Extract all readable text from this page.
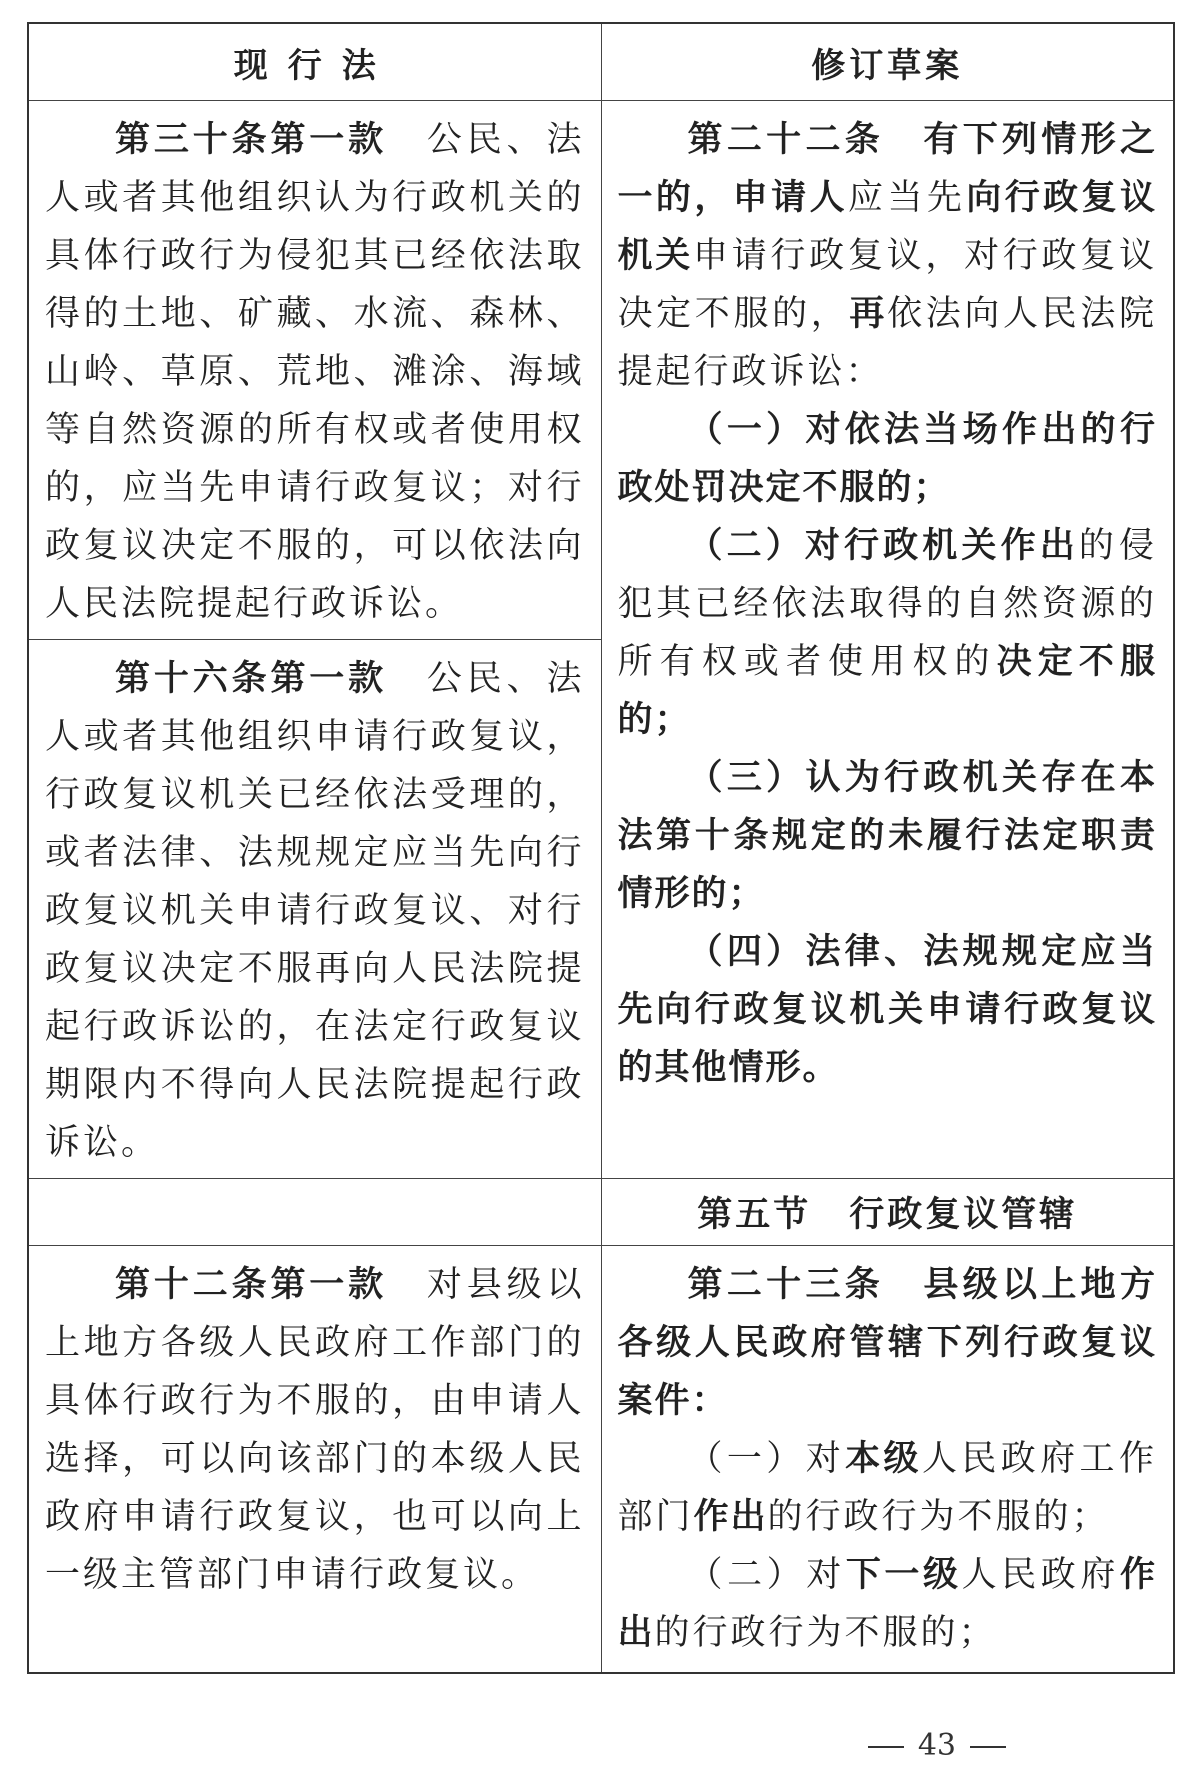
现行法	修订草案

第三十条第一款　 公民、法人或者其他组织认为行政机关的具体行政行为侵犯其已经依法取得的土地、矿藏、水流、森林、山岭、草原、荒地、滩涂、海域等自然资源的所有权或者使用权的，应当先申请行政复议；对行政复议决定不服的，可以依法向人民法院提起行政诉讼。	第二十二条　有下列情形之一的，申请人应当先向行政复议机关申请行政复议，对行政复议决定不服的，再依法向人民法院提起行政诉讼：

（一）对依法当场作出的行政处罚决定不服的；

（二）对行政机关作出的侵犯其已经依法取得的自然资源的所有权或者使用权的决定不服的；

（三）认为行政机关存在本法第十条规定的未履行法定职责情形的；

（四）法律、法规规定应当先向行政复议机关申请行政复议的其他情形。

第十六条第一款　 公民、法人或者其他组织申请行政复议，行政复议机关已经依法受理的，或者法律、法规规定应当先向行政复议机关申请行政复议、对行政复议决定不服再向人民法院提起行政诉讼的，在法定行政复议期限内不得向人民法院提起行政诉讼。	

	第五节　行政复议管辖

第十二条第一款　 对县级以上地方各级人民政府工作部门的具体行政行为不服的，由申请人选择，可以向该部门的本级人民政府申请行政复议，也可以向上一级主管部门申请行政复议。	第二十三条　县级以上地方各级人民政府管辖下列行政复议案件：

（一）对本级人民政府工作部门作出的行政行为不服的；

（二）对下一级人民政府作出的行政行为不服的；

43
